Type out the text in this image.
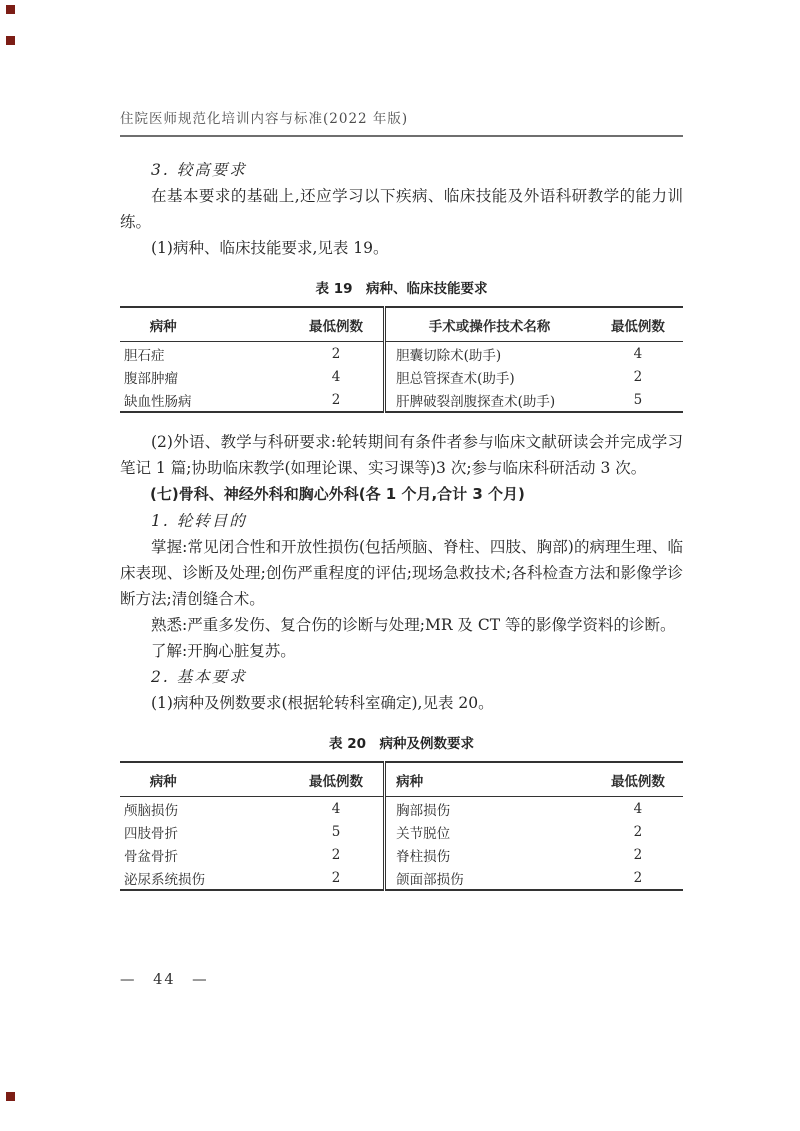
住院医师规范化培训内容与标准(2022 年版)

3. 较高要求

在基本要求的基础上,还应学习以下疾病、临床技能及外语科研教学的能力训练。

(1)病种、临床技能要求,见表 19。

表 19　病种、临床技能要求
病种	最低例数	手术或操作技术名称	最低例数
胆石症	2	胆囊切除术(助手)	4
腹部肿瘤	4	胆总管探查术(助手)	2
缺血性肠病	2	肝脾破裂剖腹探查术(助手)	5

(2)外语、教学与科研要求:轮转期间有条件者参与临床文献研读会并完成学习笔记 1 篇;协助临床教学(如理论课、实习课等)3 次;参与临床科研活动 3 次。

(七)骨科、神经外科和胸心外科(各 1 个月,合计 3 个月)

1. 轮转目的

掌握:常见闭合性和开放性损伤(包括颅脑、脊柱、四肢、胸部)的病理生理、临床表现、诊断及处理;创伤严重程度的评估;现场急救技术;各科检查方法和影像学诊断方法;清创缝合术。

熟悉:严重多发伤、复合伤的诊断与处理;MR 及 CT 等的影像学资料的诊断。

了解:开胸心脏复苏。

2. 基本要求

(1)病种及例数要求(根据轮转科室确定),见表 20。

表 20　病种及例数要求
病种	最低例数	病种	最低例数
颅脑损伤	4	胸部损伤	4
四肢骨折	5	关节脱位	2
骨盆骨折	2	脊柱损伤	2
泌尿系统损伤	2	颌面部损伤	2
— 44 —
